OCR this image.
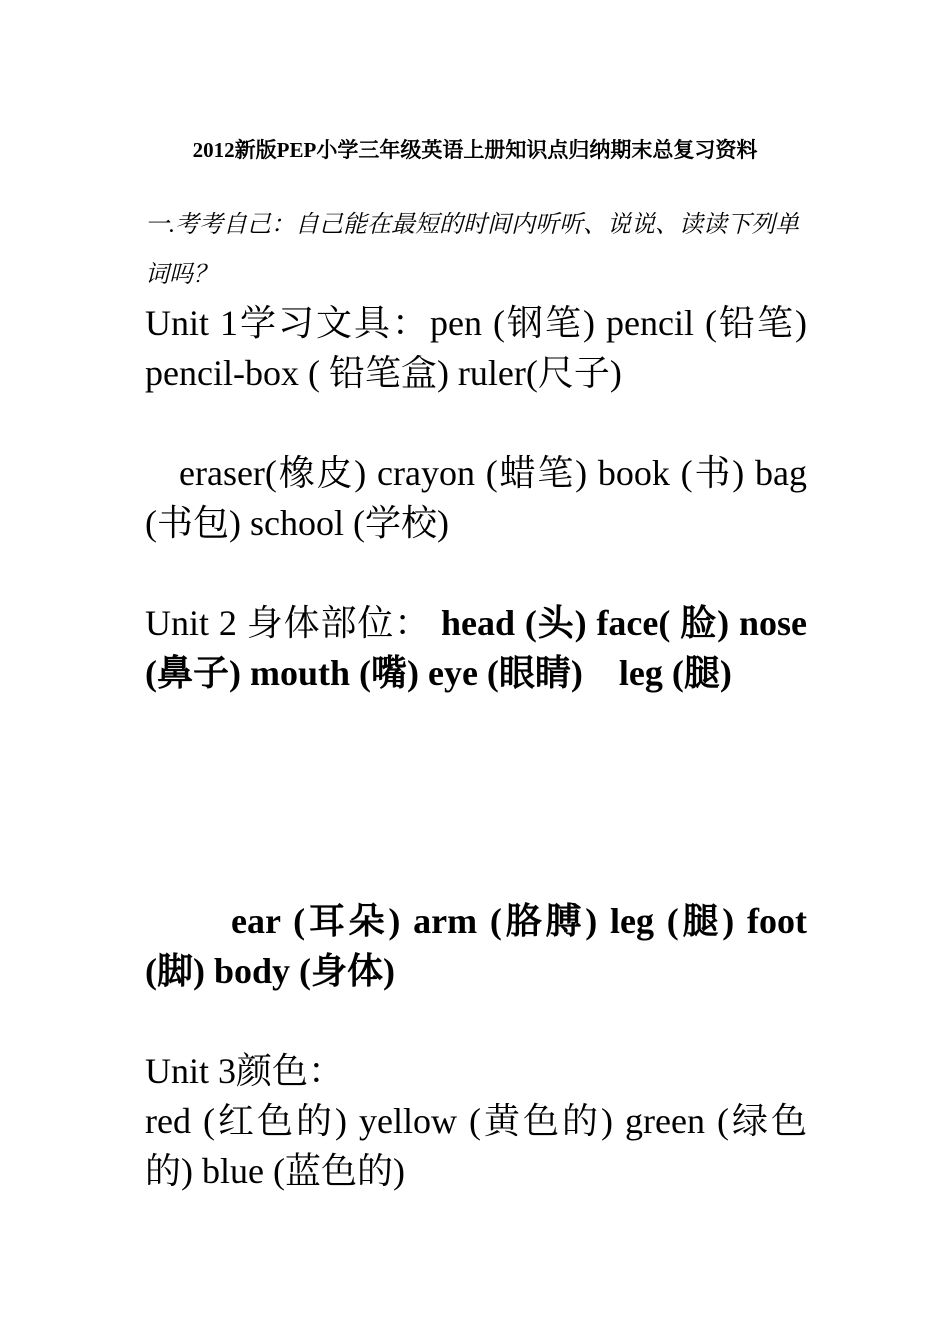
2012新版PEP小学三年级英语上册知识点归纳期末总复习资料
一.考考自己：自己能在最短的时间内听听、说说、读读下列单词吗？
Unit 1学习文具：pen (钢笔) pencil (铅笔) pencil-box ( 铅笔盒) ruler(尺子)
eraser(橡皮) crayon (蜡笔) book (书) bag (书包) school (学校)
Unit 2 身体部位： head (头) face( 脸) nose (鼻子) mouth (嘴) eye (眼睛)    leg (腿)
ear (耳朵) arm (胳膊) leg (腿) foot (脚) body (身体)
Unit 3颜色：
red (红色的) yellow (黄色的) green (绿色的) blue (蓝色的)
